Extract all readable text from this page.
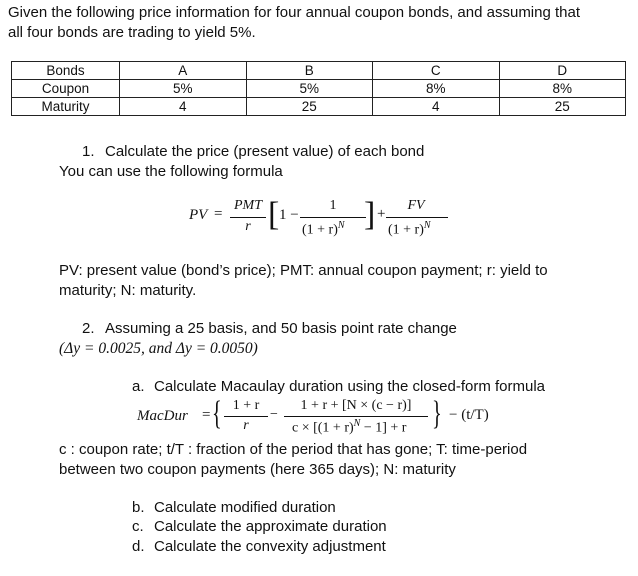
Given the following price information for four annual coupon bonds, and assuming that
all four bonds are trading to yield 5%.
Bonds	A	B	C	D
Coupon	5%	5%	8%	8%
Maturity	4	25	4	25
1. Calculate the price (present value) of each bond
You can use the following formula
PV =
PMT
r [ 1 −
1
$(1 + r)^N$ ] +
FV
$(1 + r)^N$
PV: present value (bond’s price); PMT: annual coupon payment; r: yield to
maturity; N: maturity.
2. Assuming a 25 basis, and 50 basis point rate change
(Δy = 0.0025, and Δy = 0.0050)
a. Calculate Macaulay duration using the closed-form formula
MacDur = { 1 + r
r
−
1 + r + [N × (c − r)]
$c \times [(1 + r)^N - 1] + r$ } − (t/T)
c : coupon rate; t/T : fraction of the period that has gone; T: time-period
between two coupon payments (here 365 days); N: maturity
b. Calculate modified duration
c. Calculate the approximate duration
d. Calculate the convexity adjustment
